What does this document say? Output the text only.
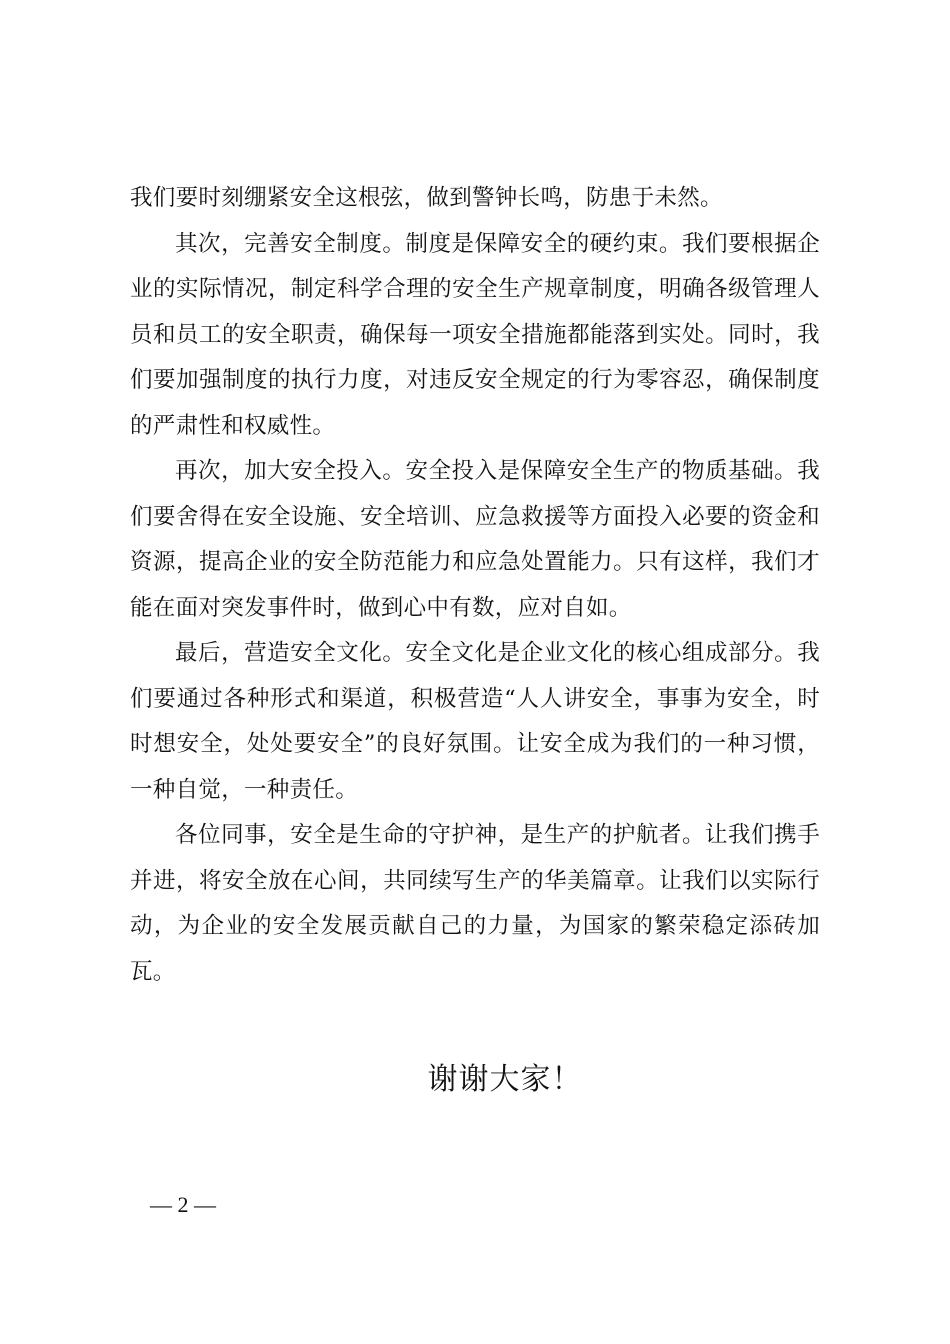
我们要时刻绷紧安全这根弦，做到警钟长鸣，防患于未然。

其次，完善安全制度。制度是保障安全的硬约束。我们要根据企业的实际情况，制定科学合理的安全生产规章制度，明确各级管理人员和员工的安全职责，确保每一项安全措施都能落到实处。同时，我们要加强制度的执行力度，对违反安全规定的行为零容忍，确保制度的严肃性和权威性。

再次，加大安全投入。安全投入是保障安全生产的物质基础。我们要舍得在安全设施、安全培训、应急救援等方面投入必要的资金和资源，提高企业的安全防范能力和应急处置能力。只有这样，我们才能在面对突发事件时，做到心中有数，应对自如。

最后，营造安全文化。安全文化是企业文化的核心组成部分。我们要通过各种形式和渠道，积极营造“人人讲安全，事事为安全，时时想安全，处处要安全”的良好氛围。让安全成为我们的一种习惯，一种自觉，一种责任。

各位同事，安全是生命的守护神，是生产的护航者。让我们携手并进，将安全放在心间，共同续写生产的华美篇章。让我们以实际行动，为企业的安全发展贡献自己的力量，为国家的繁荣稳定添砖加瓦。

谢谢大家！

— 2 —
